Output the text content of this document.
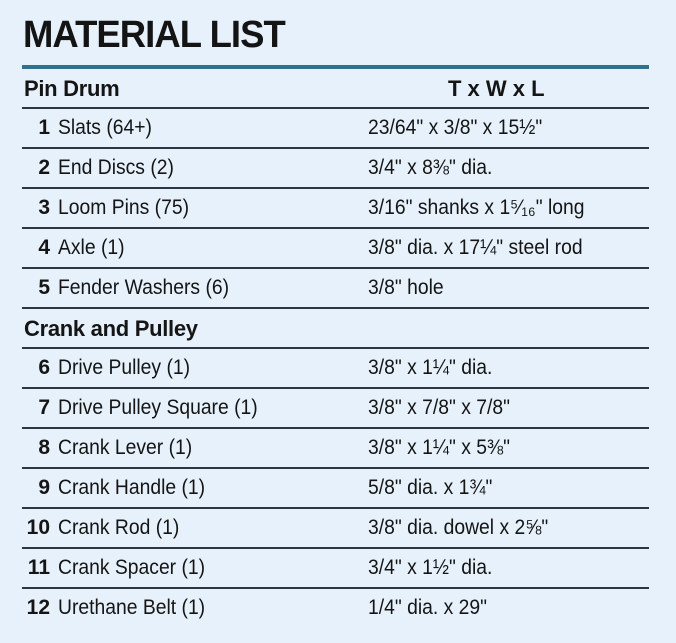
MATERIAL LIST
Pin Drum	T x W x L
1 Slats (64+)	23/64" x 3/8" x 15½"
2 End Discs (2)	3/4" x 8⅜" dia.
3 Loom Pins (75)	3/16" shanks x 1⁵⁄₁₆" long
4 Axle (1)	3/8" dia. x 17¼" steel rod
5 Fender Washers (6)	3/8" hole
Crank and Pulley
6 Drive Pulley (1)	3/8" x 1¼" dia.
7 Drive Pulley Square (1)	3/8" x 7/8" x 7/8"
8 Crank Lever (1)	3/8" x 1¼" x 5⅜"
9 Crank Handle (1)	5/8" dia. x 1¾"
10 Crank Rod (1)	3/8" dia. dowel x 2⅝"
11 Crank Spacer (1)	3/4" x 1½" dia.
12 Urethane Belt (1)	1/4" dia. x 29"
